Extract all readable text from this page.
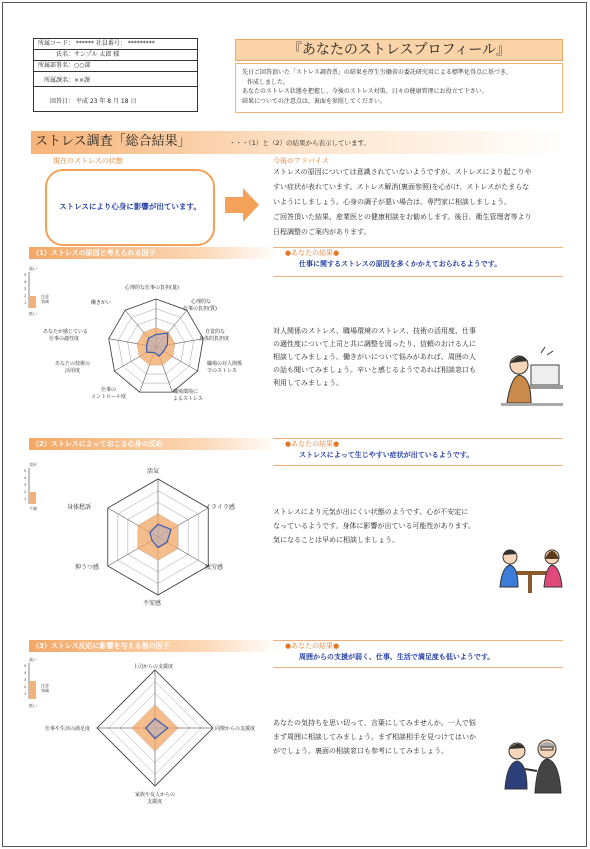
所属コード： ****** 社員番号： *********
氏名：サンプル 太郎 様
所属部署名：○○部
所属課名：××課
回答日： 平成 23 年 8 月 18 日
『あなたのストレスプロフィール』
先日ご回答頂いた「ストレス調査票」の結果を厚生労働省の委託研究用による標準化得点に基づき、
作成しました。
あなたのストレス状態を把握し、今後のストレス対策、日々の健康管理にお役立て下さい。
結果についての注意点は、裏面を参照してください。
ストレス調査「総合結果」	・・・（1）と（2）の結果から表示しています。
現在のストレスの状態
ストレスにより心身に影響が出ています。
今後のアドバイス
ストレスの原因については意識されていないようですが、ストレスにより起こりや
すい症状が表れています。ストレス解消(裏面参照)を心がけ、ストレスがたまらな
いようにしましょう。心身の調子が悪い場合は、専門家に相談しましょう。
ご回答頂いた結果、産業医との健康相談をお勧めします。後日、衛生管理者等より
日程調整のご案内があります。
（1）ストレスの原因と考えられる因子	●あなたの結果●
仕事に関するストレスの原因を多くかかえておられるようです。
高い
5
4
3
2
1
注意
領域
低い
心理的な仕事の負担(量)
心理的な
仕事の負担(質)
自覚的な
身体的負担度
職場の対人関係
でのストレス
職場環境に
よるストレス
仕事の
コントロール度
あなたの技術の
活用度
あなたが感じている
仕事の適性度
働きがい
対人関係のストレス、職場環境のストレス、技術の活用度、仕事
の適性度について上司と共に調整を図ったり、信頼のおける人に
相談してみましょう。働きがいについて悩みがあれば、周囲の人
の話も聞いてみましょう。辛いと感じるようであれば相談窓口も
利用してみましょう。
（2）ストレスによっておこる心身の反応	●あなたの結果●
ストレスによって生じやすい症状が出ているようです。
良好
5
4
3
2
1
不調
活気
イライラ感
疲労感
不安感
抑うつ感
身体愁訴
ストレスにより元気が出にくい状態のようです。心が不安定に
なっているようです。身体に影響が出ている可能性があります。
気になることは早めに相談しましょう。
（3）ストレス反応に影響を与える他の因子	●あなたの結果●
周囲からの支援が弱く、仕事、生活で満足度も低いようです。
高い
5
4
3
2
1
注意
領域
低い
上司からの支援度
同僚からの支援度
家族や友人からの
支援度
仕事や生活の満足度
あなたの気持ちを思い切って、言葉にしてみませんか。一人で悩
まず周囲に相談してみましょう。まず相談相手を見つけてはいか
がでしょう。裏面の相談窓口も参考にしてみましょう。
